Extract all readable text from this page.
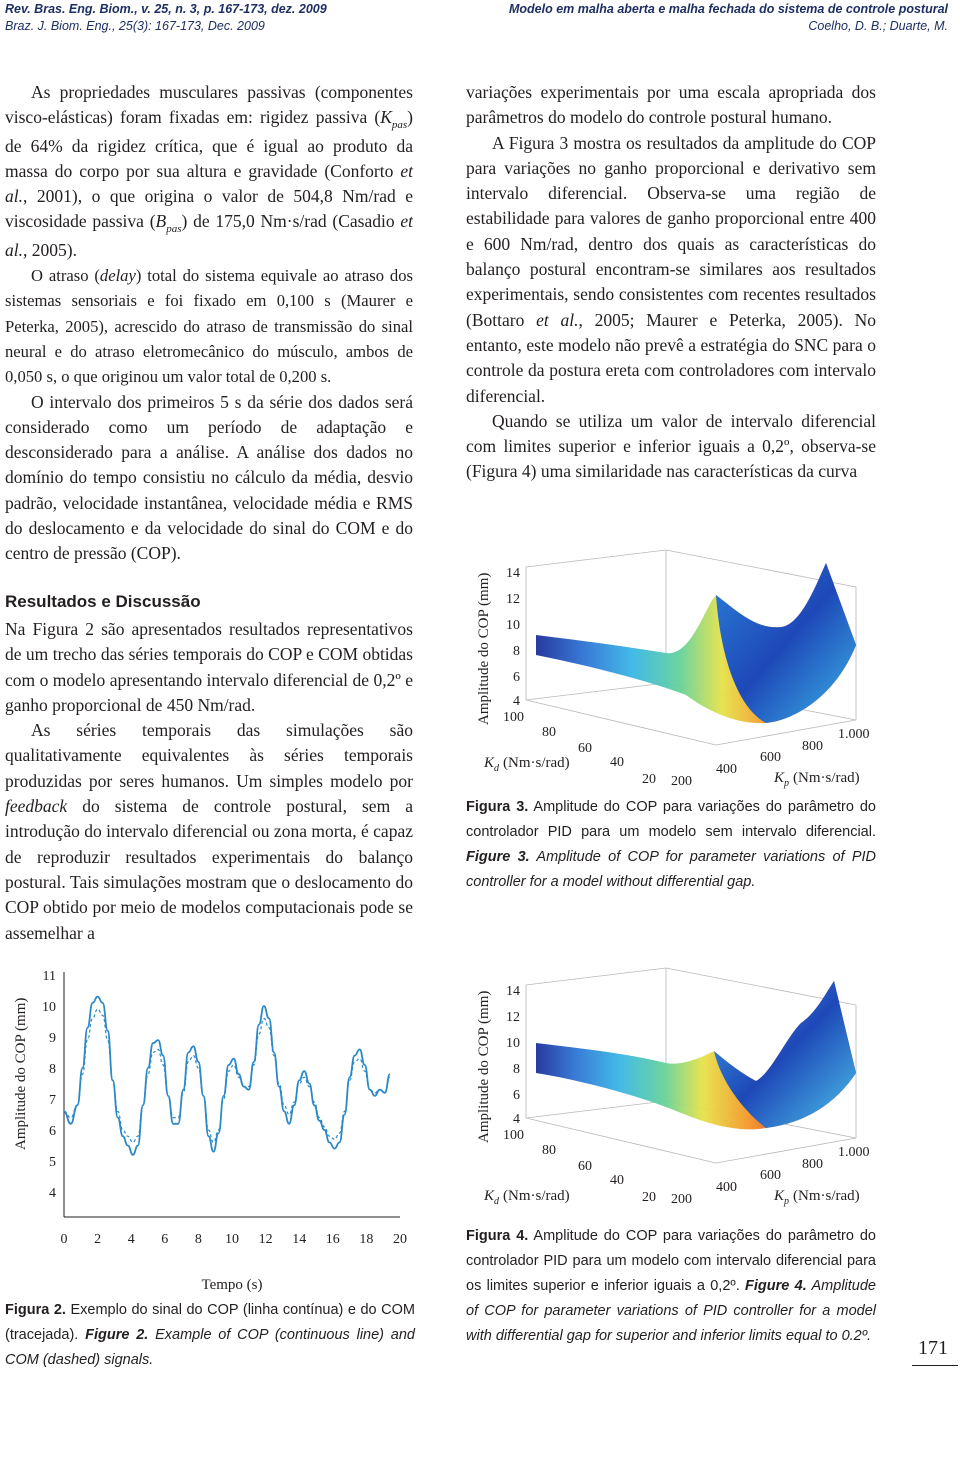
Rev. Bras. Eng. Biom., v. 25, n. 3, p. 167-173, dez. 2009
Braz. J. Biom. Eng., 25(3): 167-173, Dec. 2009
Modelo em malha aberta e malha fechada do sistema de controle postural
Coelho, D. B.; Duarte, M.

As propriedades musculares passivas (componentes visco-elásticas) foram fixadas em: rigidez passiva $(K_{pas})$ de 64% da rigidez crítica, que é igual ao produto da massa do corpo por sua altura e gravidade (Conforto et al., 2001), o que origina o valor de 504,8 Nm/rad e viscosidade passiva $(B_{pas})$ de 175,0 Nm·s/rad (Casadio et al., 2005).

O atraso (delay) total do sistema equivale ao atraso dos sistemas sensoriais e foi fixado em 0,100 s (Maurer e Peterka, 2005), acrescido do atraso de transmissão do sinal neural e do atraso eletromecânico do músculo, ambos de 0,050 s, o que originou um valor total de 0,200 s.

O intervalo dos primeiros 5 s da série dos dados será considerado como um período de adaptação e desconsiderado para a análise. A análise dos dados no domínio do tempo consistiu no cálculo da média, desvio padrão, velocidade instantânea, velocidade média e RMS do deslocamento e da velocidade do sinal do COM e do centro de pressão (COP).

Resultados e Discussão

Na Figura 2 são apresentados resultados representativos de um trecho das séries temporais do COP e COM obtidas com o modelo apresentando intervalo diferencial de 0,2º e ganho proporcional de 450 Nm/rad.

As séries temporais das simulações são qualitativamente equivalentes às séries temporais produzidas por seres humanos. Um simples modelo por feedback do sistema de controle postural, sem a introdução do intervalo diferencial ou zona morta, é capaz de reproduzir resultados experimentais do balanço postural. Tais simulações mostram que o deslocamento do COP obtido por meio de modelos computacionais pode se assemelhar a

variações experimentais por uma escala apropriada dos parâmetros do modelo do controle postural humano.

A Figura 3 mostra os resultados da amplitude do COP para variações no ganho proporcional e derivativo sem intervalo diferencial. Observa-se uma região de estabilidade para valores de ganho proporcional entre 400 e 600 Nm/rad, dentro dos quais as características do balanço postural encontram-se similares aos resultados experimentais, sendo consistentes com recentes resultados (Bottaro et al., 2005; Maurer e Peterka, 2005). No entanto, este modelo não prevê a estratégia do SNC para o controle da postura ereta com controladores com intervalo diferencial.

Quando se utiliza um valor de intervalo diferencial com limites superior e inferior iguais a 0,2º, observa-se (Figura 4) uma similaridade nas características da curva

14
12
10
8
6
4
Amplitude do COP (mm) 100
80
60
40
20 200
400
600
800
1.000
$K_d$ (Nm·s/rad)
$K_p$ (Nm·s/rad)
Figura 3. Amplitude do COP para variações do parâmetro do controlador PID para um modelo sem intervalo diferencial. Figure 3. Amplitude of COP for parameter variations of PID controller for a model without differential gap.
Amplitude do COP (mm)
4
5
6
7
8
9
10
11
0 2 4 6 8 10 12 14 16 18 20
Tempo (s)
Figura 2. Exemplo do sinal do COP (linha contínua) e do COM (tracejada). Figure 2. Example of COP (continuous line) and COM (dashed) signals.
14
12
10
8
6
4
Amplitude do COP (mm) 100
80
60
40
20 200
400
600
800
1.000
$K_d$ (Nm·s/rad)	$K_p$ (Nm·s/rad)
Figura 4. Amplitude do COP para variações do parâmetro do controlador PID para um modelo com intervalo diferencial para os limites superior e inferior iguais a 0,2º. Figure 4. Amplitude of COP for parameter variations of PID controller for a model with differential gap for superior and inferior limits equal to 0.2º.
171
